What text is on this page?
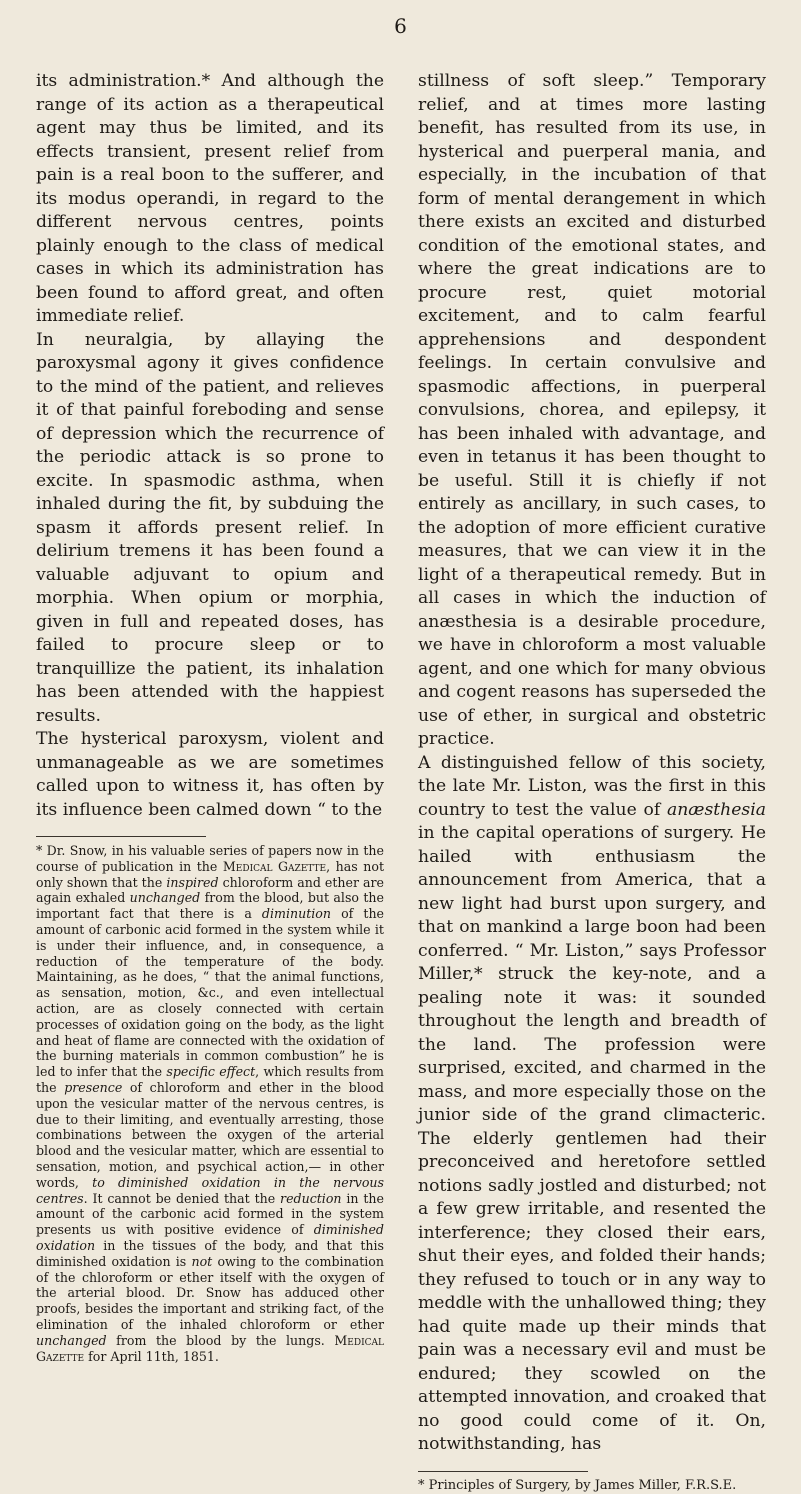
6

its administration.* And although the range of its action as a therapeutical agent may thus be limited, and its effects transient, present relief from pain is a real boon to the sufferer, and its modus operandi, in regard to the different nervous centres, points plainly enough to the class of medical cases in which its administration has been found to afford great, and often immediate relief.

In neuralgia, by allaying the paroxysmal agony it gives confidence to the mind of the patient, and relieves it of that painful foreboding and sense of depression which the recurrence of the periodic attack is so prone to excite. In spasmodic asthma, when inhaled during the fit, by subduing the spasm it affords present relief. In delirium tremens it has been found a valuable adjuvant to opium and morphia. When opium or morphia, given in full and repeated doses, has failed to procure sleep or to tranquillize the patient, its inhalation has been attended with the happiest results.

The hysterical paroxysm, violent and unmanageable as we are sometimes called upon to witness it, has often by its influence been calmed down “ to the

* Dr. Snow, in his valuable series of papers now in the course of publication in the Medical Gazette, has not only shown that the inspired chloroform and ether are again exhaled unchanged from the blood, but also the important fact that there is a diminution of the amount of carbonic acid formed in the system while it is under their influence, and, in consequence, a reduction of the temperature of the body. Maintaining, as he does, “ that the animal functions, as sensation, motion, &c., and even intellectual action, are as closely connected with certain processes of oxidation going on the body, as the light and heat of flame are connected with the oxidation of the burning materials in common combustion” he is led to infer that the specific effect, which results from the presence of chloroform and ether in the blood upon the vesicular matter of the nervous centres, is due to their limiting, and eventually arresting, those combinations between the oxygen of the arterial blood and the vesicular matter, which are essential to sensation, motion, and psychical action,— in other words, to diminished oxidation in the nervous centres. It cannot be denied that the reduction in the amount of the carbonic acid formed in the system presents us with positive evidence of diminished oxidation in the tissues of the body, and that this diminished oxidation is not owing to the combination of the chloroform or ether itself with the oxygen of the arterial blood. Dr. Snow has adduced other proofs, besides the important and striking fact, of the elimination of the inhaled chloroform or ether unchanged from the blood by the lungs. Medical Gazette for April 11th, 1851.

stillness of soft sleep.” Temporary relief, and at times more lasting benefit, has resulted from its use, in hysterical and puerperal mania, and especially, in the incubation of that form of mental derangement in which there exists an excited and disturbed condition of the emotional states, and where the great indications are to procure rest, quiet motorial excitement, and to calm fearful apprehensions and despondent feelings. In certain convulsive and spasmodic affections, in puerperal convulsions, chorea, and epilepsy, it has been inhaled with advantage, and even in tetanus it has been thought to be useful. Still it is chiefly if not entirely as ancillary, in such cases, to the adoption of more efficient curative measures, that we can view it in the light of a therapeutical remedy. But in all cases in which the induction of anæsthesia is a desirable procedure, we have in chloroform a most valuable agent, and one which for many obvious and cogent reasons has superseded the use of ether, in surgical and obstetric practice.

A distinguished fellow of this society, the late Mr. Liston, was the first in this country to test the value of anæsthesia in the capital operations of surgery. He hailed with enthusiasm the announcement from America, that a new light had burst upon surgery, and that on mankind a large boon had been conferred. “ Mr. Liston,” says Professor Miller,* struck the key-note, and a pealing note it was: it sounded throughout the length and breadth of the land. The profession were surprised, excited, and charmed in the mass, and more especially those on the junior side of the grand climacteric. The elderly gentlemen had their preconceived and heretofore settled notions sadly jostled and disturbed; not a few grew irritable, and resented the interference; they closed their ears, shut their eyes, and folded their hands; they refused to touch or in any way to meddle with the unhallowed thing; they had quite made up their minds that pain was a necessary evil and must be endured; they scowled on the attempted innovation, and croaked that no good could come of it. On, notwithstanding, has

* Principles of Surgery, by James Miller, F.R.S.E.
